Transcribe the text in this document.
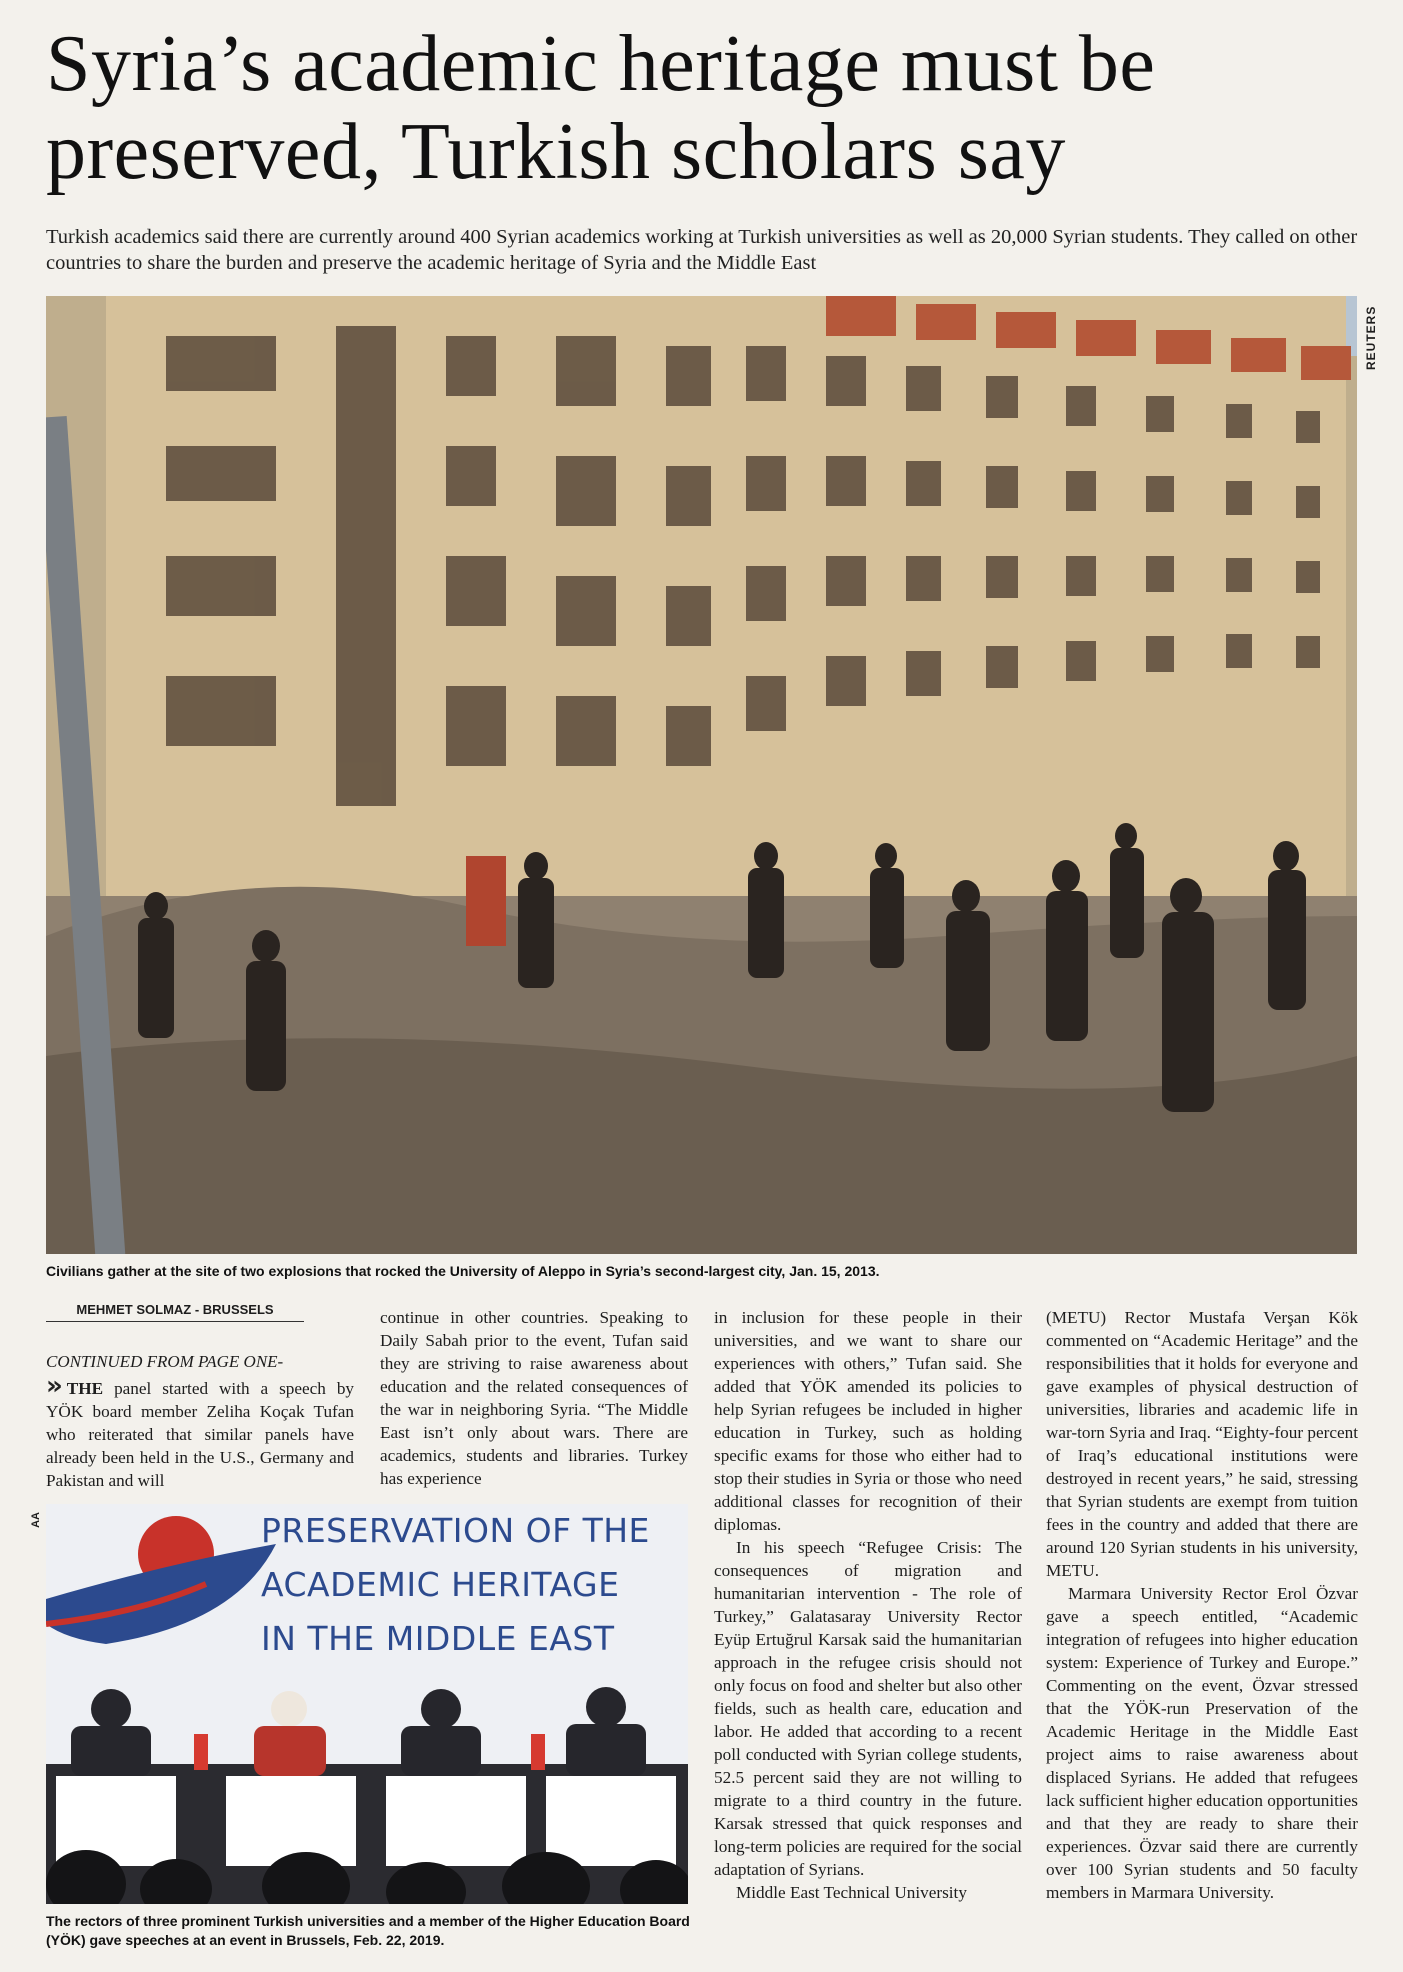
Syria’s academic heritage must be preserved, Turkish scholars say
Turkish academics said there are currently around 400 Syrian academics working at Turkish universities as well as 20,000 Syrian students. They called on other countries to share the burden and preserve the academic heritage of Syria and the Middle East
REUTERS
Civilians gather at the site of two explosions that rocked the University of Aleppo in Syria’s second-largest city, Jan. 15, 2013.
MEHMET SOLMAZ - BRUSSELS
CONTINUED FROM PAGE ONE-

» THE panel started with a speech by YÖK board member Zeliha Koçak Tufan who reiterated that similar panels have already been held in the U.S., Germany and Pakistan and will

continue in other countries. Speaking to Daily Sabah prior to the event, Tufan said they are striving to raise awareness about education and the related consequences of the war in neighboring Syria. “The Middle East isn’t only about wars. There are academics, students and libraries. Turkey has experience

PRESERVATION OF THE
ACADEMIC HERITAGE
IN THE MIDDLE EAST
AA
The rectors of three prominent Turkish universities and a member of the Higher Education Board (YÖK) gave speeches at an event in Brussels, Feb. 22, 2019.

in inclusion for these people in their universities, and we want to share our experiences with others,” Tufan said. She added that YÖK amended its policies to help Syrian refugees be included in higher education in Turkey, such as holding specific exams for those who either had to stop their studies in Syria or those who need additional classes for recognition of their diplomas.

In his speech “Refugee Crisis: The consequences of migration and humanitarian intervention - The role of Turkey,” Galatasaray University Rector Eyüp Ertuğrul Karsak said the humanitarian approach in the refugee crisis should not only focus on food and shelter but also other fields, such as health care, education and labor. He added that according to a recent poll conducted with Syrian college students, 52.5 percent said they are not willing to migrate to a third country in the future. Karsak stressed that quick responses and long-term policies are required for the social adaptation of Syrians.

Middle East Technical University

(METU) Rector Mustafa Verşan Kök commented on “Academic Heritage” and the responsibilities that it holds for everyone and gave examples of physical destruction of universities, libraries and academic life in war-torn Syria and Iraq. “Eighty-four percent of Iraq’s educational institutions were destroyed in recent years,” he said, stressing that Syrian students are exempt from tuition fees in the country and added that there are around 120 Syrian students in his university, METU.

Marmara University Rector Erol Özvar gave a speech entitled, “Academic integration of refugees into higher education system: Experience of Turkey and Europe.” Commenting on the event, Özvar stressed that the YÖK-run Preservation of the Academic Heritage in the Middle East project aims to raise awareness about displaced Syrians. He added that refugees lack sufficient higher education opportunities and that they are ready to share their experiences. Özvar said there are currently over 100 Syrian students and 50 faculty members in Marmara University.
